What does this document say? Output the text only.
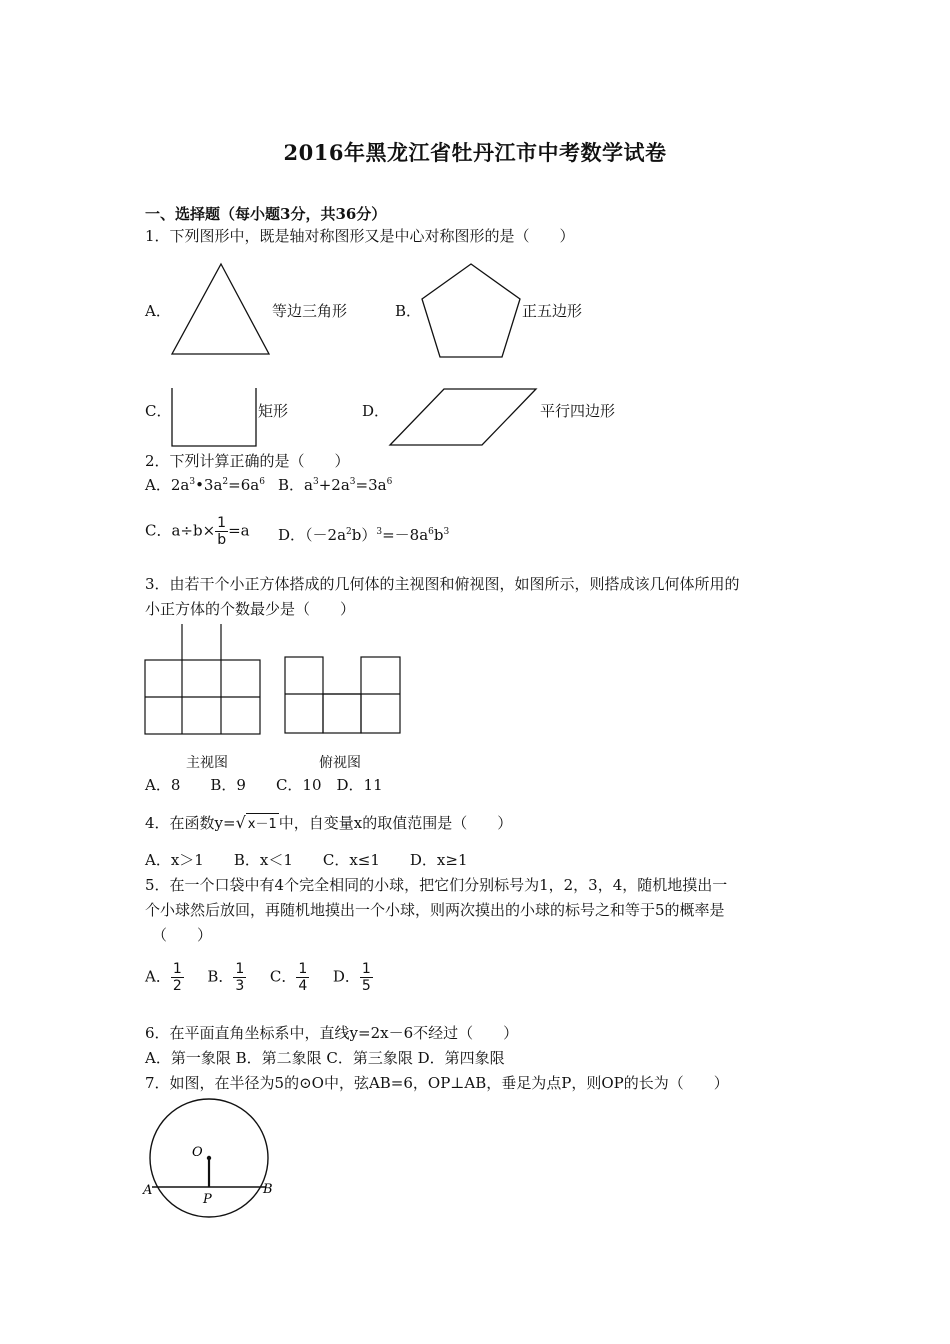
2016年黑龙江省牡丹江市中考数学试卷
一、选择题（每小题3分，共36分）
1．下列图形中，既是轴对称图形又是中心对称图形的是（　　）
A．	等边三角形	B．	正五边形
C．	矩形	D．	平行四边形
2．下列计算正确的是（　　）
A．$2a^3•3a^2=6a^6$ B．$a^3+2a^3=3a^6$
C．$a\div b\times \frac{1}{b} =a$ D．$(-2a^2b)^3=-8a^6b^3$
3．由若干个小正方体搭成的几何体的主视图和俯视图，如图所示，则搭成该几何体所用的
小正方体的个数最少是（　　）
主视图	俯视图
A．8　　B．9　　C．10　D．11
4．在函数y=√ x－1 中，自变量x的取值范围是（　　）
A．x＞1　　B．x＜1　　C．x≤1　　D．x≥1
5．在一个口袋中有4个完全相同的小球，把它们分别标号为1，2，3，4，随机地摸出一
个小球然后放回，再随机地摸出一个小球，则两次摸出的小球的标号之和等于5的概率是
（　　）
A． $\frac{1}{2}$ B． $\frac{1}{3}$ C． $\frac{1}{4}$ D． $\frac{1}{5}$
6．在平面直角坐标系中，直线y=2x－6不经过（　　）
A．第一象限 B．第二象限 C．第三象限 D．第四象限
7．如图，在半径为5的⊙O中，弦AB=6，OP⊥AB，垂足为点P，则OP的长为（　　）
O
A	B
P
